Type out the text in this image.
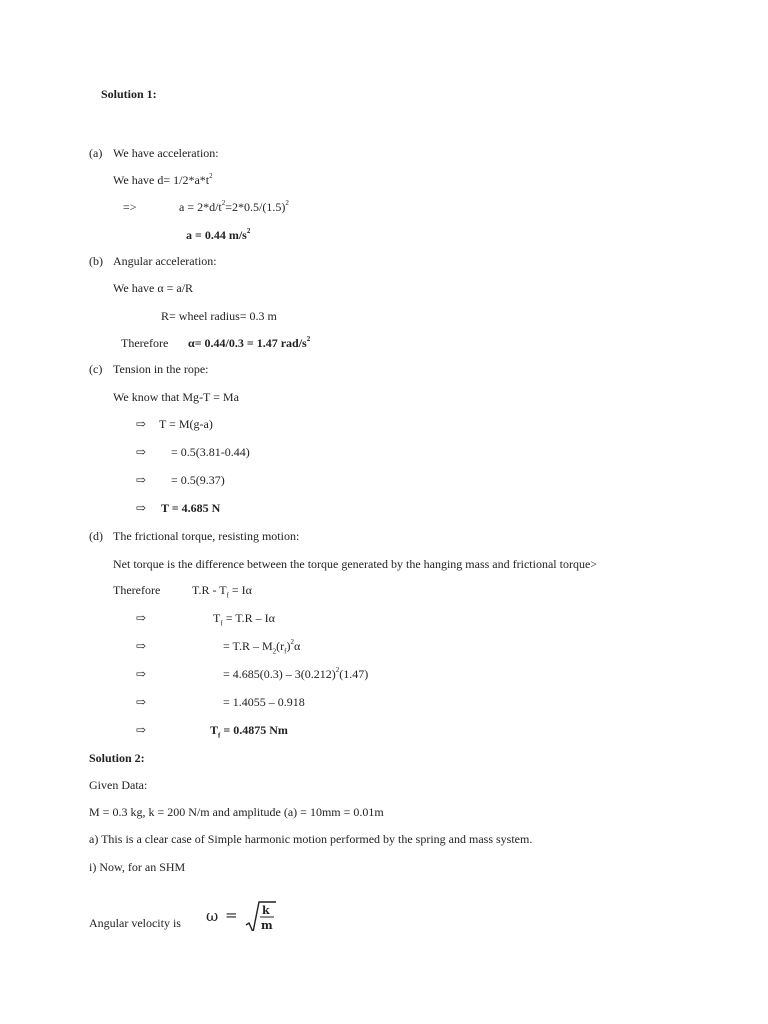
Solution 1:
(a) We have acceleration:
We have $d= 1/2*a*t^2$
=>	$a = 2*d/t^2=2*0.5/(1.5)^2$
a = 0.44 $m/s^2$
(b) Angular acceleration:
We have α = a/R
R= wheel radius= 0.3 m
Therefore α= 0.44/0.3 = 1.47 rad/$s^2$
(c) Tension in the rope:
We know that Mg-T = Ma
⇨ T = M(g-a)
⇨ = 0.5(3.81-0.44)
⇨ = 0.5(9.37)
⇨ T = 4.685 N
(d) The frictional torque, resisting motion:
Net torque is the difference between the torque generated by the hanging mass and frictional torque>
Therefore	$T.R - T_f = I\alpha$
⇨	$T_f = T.R - I\alpha$
⇨	= $T.R - M_2(r_f)^2\alpha$
⇨	= $4.685(0.3) - 3(0.212)^2(1.47)$
⇨	= 1.4055 – 0.918
⇨	$T_f = 0.4875$ Nm
Solution 2:
Given Data:
M = 0.3 kg, k = 200 N/m and amplitude (a) = 10mm = 0.01m
a) This is a clear case of Simple harmonic motion performed by the spring and mass system.
i) Now, for an SHM
Angular velocity is ω = k
m
